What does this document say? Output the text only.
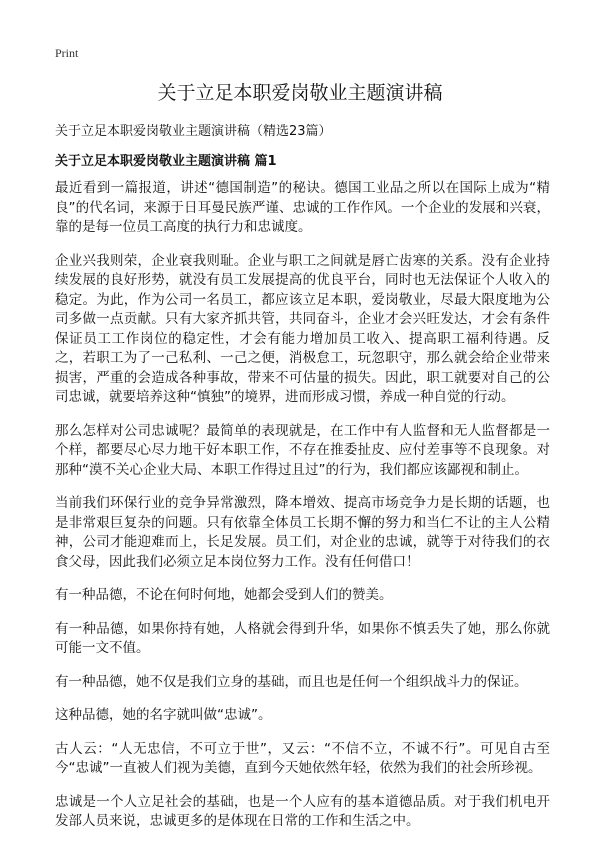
Print
关于立足本职爱岗敬业主题演讲稿

关于立足本职爱岗敬业主题演讲稿（精选23篇）

关于立足本职爱岗敬业主题演讲稿 篇1

最近看到一篇报道，讲述“德国制造”的秘诀。德国工业品之所以在国际上成为“精良”的代名词，来源于日耳曼民族严谨、忠诚的工作作风。一个企业的发展和兴衰，靠的是每一位员工高度的执行力和忠诚度。

企业兴我则荣，企业衰我则耻。企业与职工之间就是唇亡齿寒的关系。没有企业持续发展的良好形势，就没有员工发展提高的优良平台，同时也无法保证个人收入的稳定。为此，作为公司一名员工，都应该立足本职，爱岗敬业，尽最大限度地为公司多做一点贡献。只有大家齐抓共管，共同奋斗，企业才会兴旺发达，才会有条件保证员工工作岗位的稳定性，才会有能力增加员工收入、提高职工福利待遇。反之，若职工为了一己私利、一己之便，消极怠工，玩忽职守，那么就会给企业带来损害，严重的会造成各种事故，带来不可估量的损失。因此，职工就要对自己的公司忠诚，就要培养这种“慎独”的境界，进而形成习惯，养成一种自觉的行动。

那么怎样对公司忠诚呢？最简单的表现就是，在工作中有人监督和无人监督都是一个样，都要尽心尽力地干好本职工作，不存在推委扯皮、应付差事等不良现象。对那种“漠不关心企业大局、本职工作得过且过”的行为，我们都应该鄙视和制止。

当前我们环保行业的竞争异常激烈，降本增效、提高市场竞争力是长期的话题，也是非常艰巨复杂的问题。只有依靠全体员工长期不懈的努力和当仁不让的主人公精神，公司才能迎难而上，长足发展。员工们，对企业的忠诚，就等于对待我们的衣食父母，因此我们必须立足本岗位努力工作。没有任何借口！

有一种品德，不论在何时何地，她都会受到人们的赞美。

有一种品德，如果你持有她，人格就会得到升华，如果你不慎丢失了她，那么你就可能一文不值。

有一种品德，她不仅是我们立身的基础，而且也是任何一个组织战斗力的保证。

这种品德，她的名字就叫做“忠诚”。

古人云：“人无忠信，不可立于世”，又云：“不信不立，不诚不行”。可见自古至今“忠诚”一直被人们视为美德，直到今天她依然年轻，依然为我们的社会所珍视。

忠诚是一个人立足社会的基础，也是一个人应有的基本道德品质。对于我们机电开发部人员来说，忠诚更多的是体现在日常的工作和生活之中。
